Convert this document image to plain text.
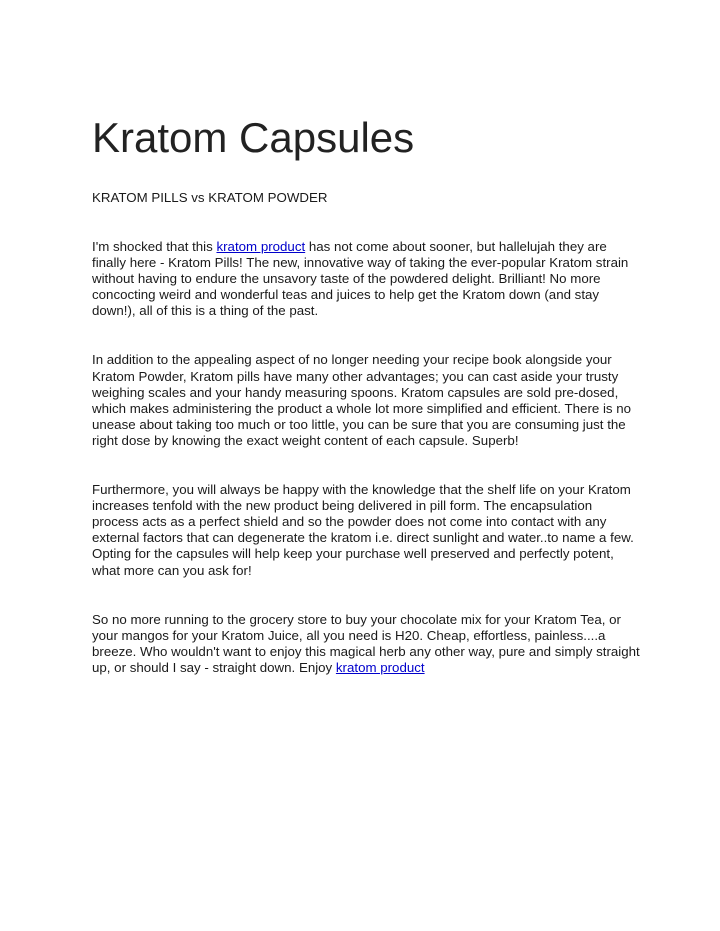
Kratom Capsules
KRATOM PILLS vs KRATOM POWDER

I'm shocked that this kratom product has not come about sooner, but hallelujah they are finally here - Kratom Pills! The new, innovative way of taking the ever-popular Kratom strain without having to endure the unsavory taste of the powdered delight. Brilliant! No more concocting weird and wonderful teas and juices to help get the Kratom down (and stay down!), all of this is a thing of the past.

In addition to the appealing aspect of no longer needing your recipe book alongside your Kratom Powder, Kratom pills have many other advantages; you can cast aside your trusty weighing scales and your handy measuring spoons. Kratom capsules are sold pre-dosed, which makes administering the product a whole lot more simplified and efficient. There is no unease about taking too much or too little, you can be sure that you are consuming just the right dose by knowing the exact weight content of each capsule. Superb!

Furthermore, you will always be happy with the knowledge that the shelf life on your Kratom increases tenfold with the new product being delivered in pill form. The encapsulation process acts as a perfect shield and so the powder does not come into contact with any external factors that can degenerate the kratom i.e. direct sunlight and water..to name a few. Opting for the capsules will help keep your purchase well preserved and perfectly potent, what more can you ask for!

So no more running to the grocery store to buy your chocolate mix for your Kratom Tea, or your mangos for your Kratom Juice, all you need is H20. Cheap, effortless, painless....a breeze. Who wouldn't want to enjoy this magical herb any other way, pure and simply straight up, or should I say - straight down. Enjoy kratom product
